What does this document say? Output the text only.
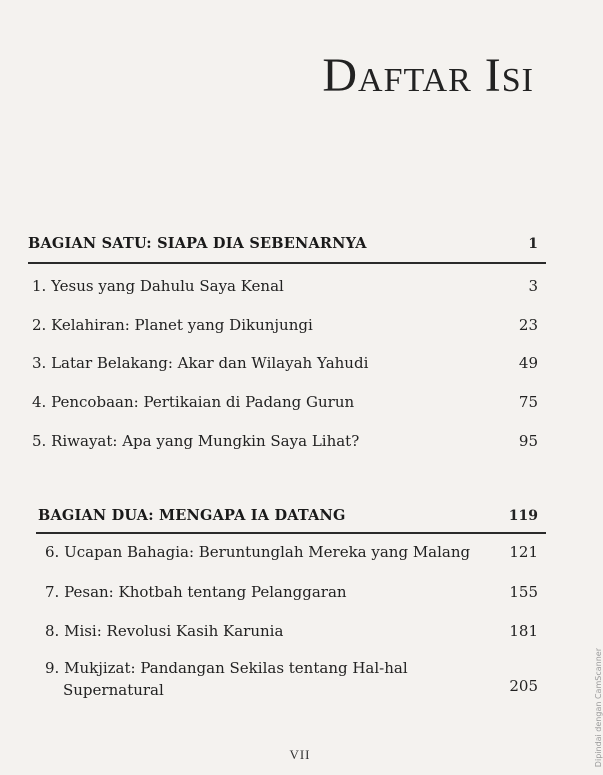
Daftar Isi
BAGIAN SATU: SIAPA DIA SEBENARNYA	1
1. Yesus yang Dahulu Saya Kenal	3
2. Kelahiran: Planet yang Dikunjungi	23
3. Latar Belakang: Akar dan Wilayah Yahudi	49
4. Pencobaan: Pertikaian di Padang Gurun	75
5. Riwayat: Apa yang Mungkin Saya Lihat?	95
BAGIAN DUA: MENGAPA IA DATANG	119
6. Ucapan Bahagia: Beruntunglah Mereka yang Malang	121
7. Pesan: Khotbah tentang Pelanggaran	155
8. Misi: Revolusi Kasih Karunia	181
9. Mukjizat: Pandangan Sekilas tentang Hal-hal
Supernatural	205
VII	Dipindai dengan CamScanner
